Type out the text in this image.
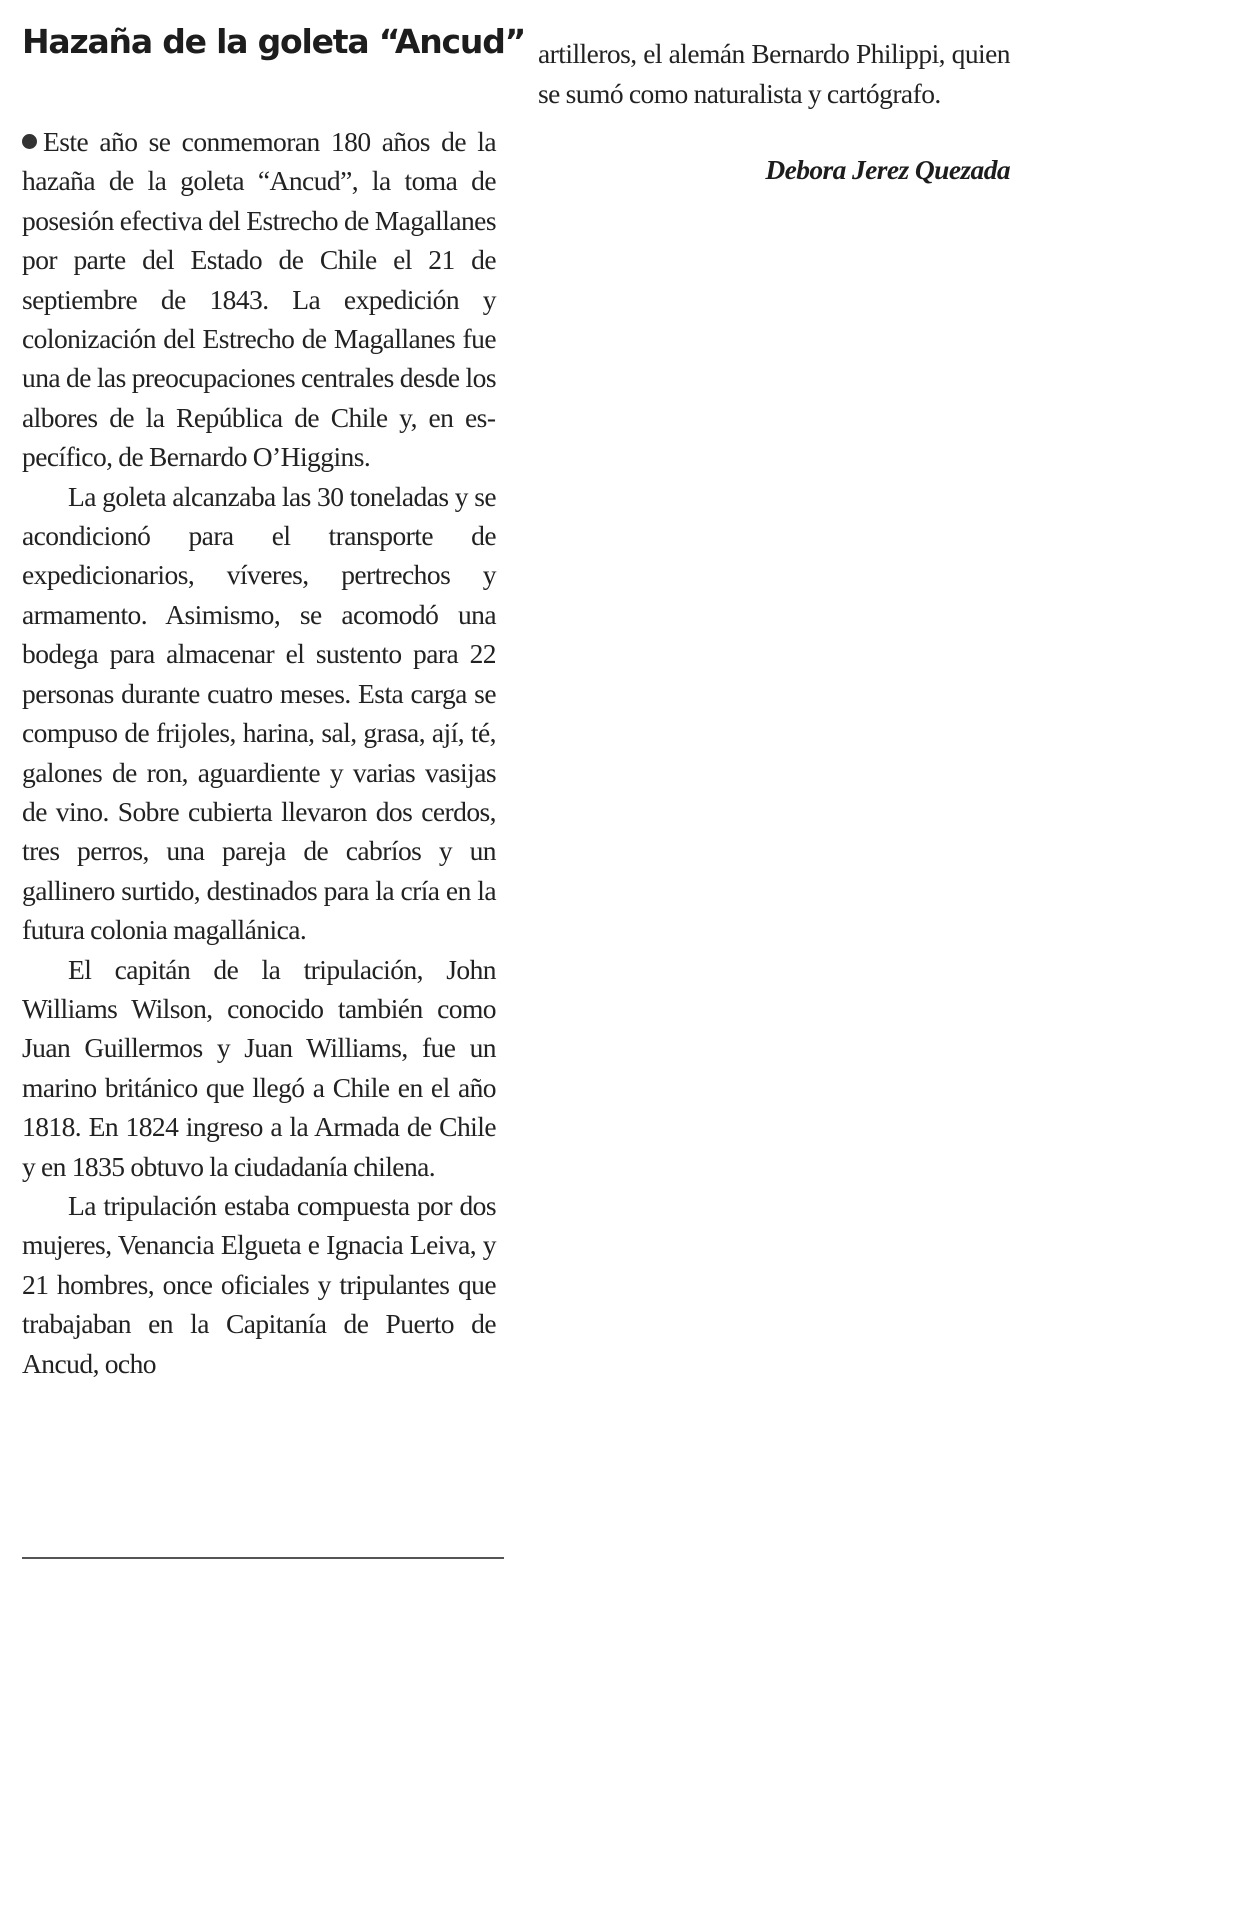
Hazaña de la goleta “Ancud”

Este año se conmemoran 180 años de la hazaña de la goleta “Ancud”, la toma de posesión efectiva del Estrecho de Magallanes por parte del Estado de Chile el 21 de septiembre de 1843. La expedición y colonización del Estrecho de Magallanes fue una de las preocupaciones centrales desde los albores de la República de Chile y, en específico, de Bernardo O’Higgins.

La goleta alcanzaba las 30 toneladas y se acondicionó para el transporte de expedicionarios, víveres, pertrechos y armamento. Asimismo, se acomodó una bodega para almacenar el sustento para 22 personas durante cuatro meses. Esta carga se compuso de frijoles, harina, sal, grasa, ají, té, galones de ron, aguardiente y varias vasijas de vino. Sobre cubierta llevaron dos cerdos, tres perros, una pareja de cabríos y un gallinero surtido, destinados para la cría en la futura colonia magallánica.

El capitán de la tripulación, John Williams Wilson, conocido también como Juan Guillermos y Juan Williams, fue un marino británico que llegó a Chile en el año 1818. En 1824 ingreso a la Armada de Chile y en 1835 obtuvo la ciudadanía chilena.

La tripulación estaba compuesta por dos mujeres, Venancia Elgueta e Ignacia Leiva, y 21 hombres, once oficiales y tripulantes que trabajaban en la Capitanía de Puerto de Ancud, ocho

artilleros, el alemán Bernardo Philippi, quien se sumó como naturalista y cartógrafo.

Debora Jerez Quezada
